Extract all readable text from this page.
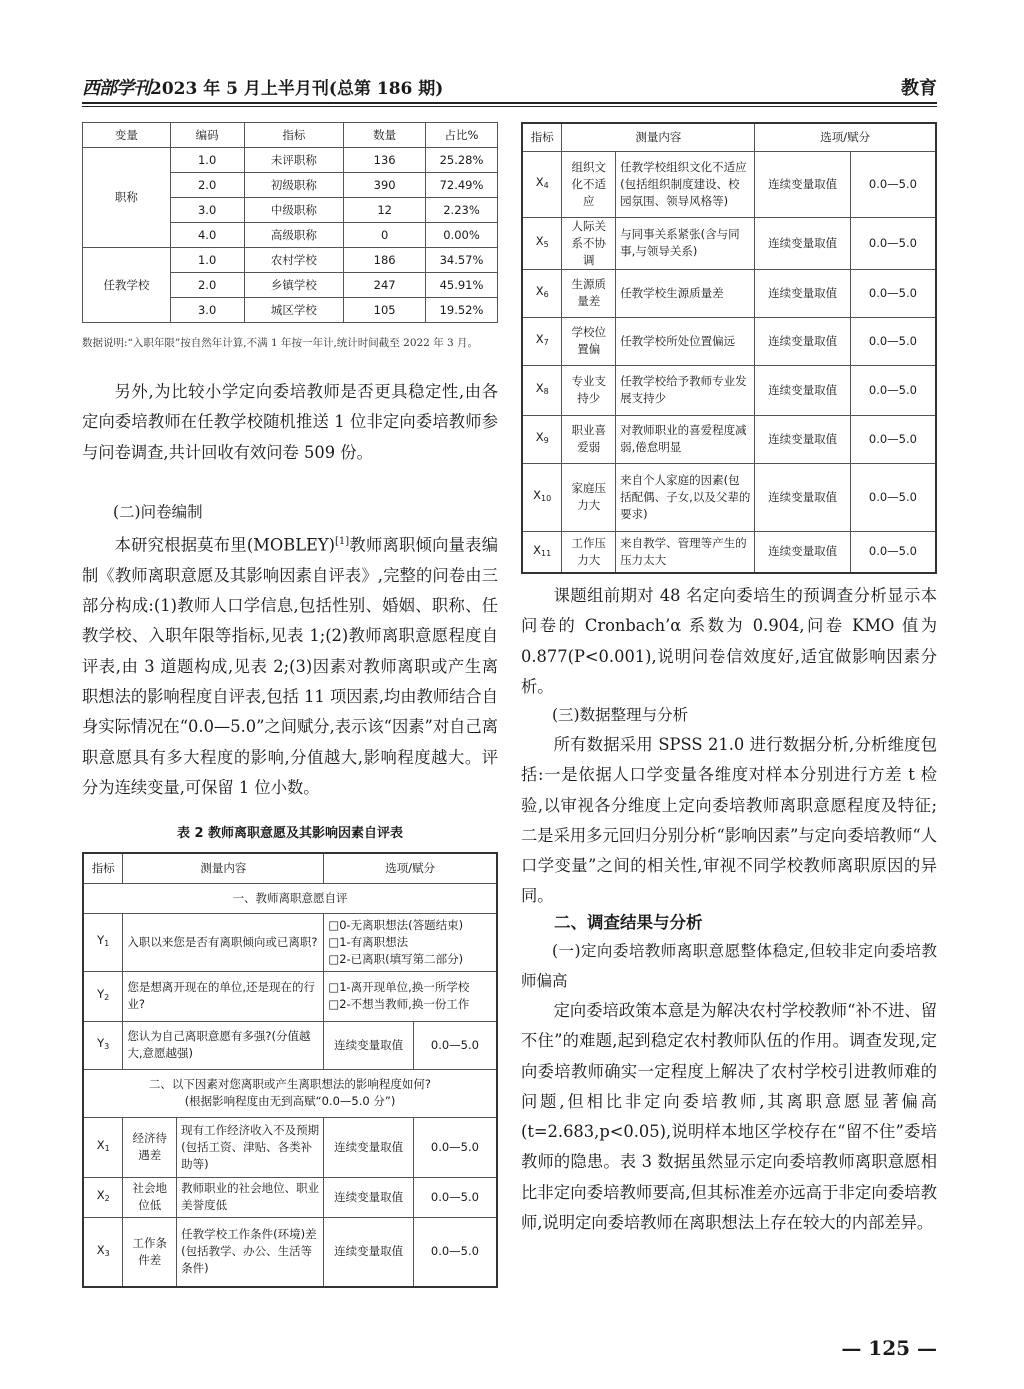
西部学刊2023 年 5 月上半月刊(总第 186 期)	教育
变量	编码	指标	数量	占比%
职称	1.0	未评职称	136	25.28%
	2.0	初级职称	390	72.49%
	3.0	中级职称	12	2.23%
	4.0	高级职称	0	0.00%
任教学校	1.0	农村学校	186	34.57%
	2.0	乡镇学校	247	45.91%
	3.0	城区学校	105	19.52%
数据说明:“入职年限”按自然年计算,不满 1 年按一年计,统计时间截至 2022 年 3 月。

另外,为比较小学定向委培教师是否更具稳定性,由各定向委培教师在任教学校随机推送 1 位非定向委培教师参与问卷调查,共计回收有效问卷 509 份。

(二)问卷编制

本研究根据莫布里(MOBLEY)[1]教师离职倾向量表编制《教师离职意愿及其影响因素自评表》,完整的问卷由三部分构成:(1)教师人口学信息,包括性别、婚姻、职称、任教学校、入职年限等指标,见表 1;(2)教师离职意愿程度自评表,由 3 道题构成,见表 2;(3)因素对教师离职或产生离职想法的影响程度自评表,包括 11 项因素,均由教师结合自身实际情况在“0.0—5.0”之间赋分,表示该“因素”对自己离职意愿具有多大程度的影响,分值越大,影响程度越大。评分为连续变量,可保留 1 位小数。

表 2 教师离职意愿及其影响因素自评表
指标	测量内容		选项/赋分	
一、教师离职意愿自评				
$Y_1$	入职以来您是否有离职倾向或已离职?		□0-无离职想法(答题结束)
□1-有离职想法
□2-已离职(填写第二部分)	

$Y_2$	您是想离开现在的单位,还是现在的行业?		□1-离开现单位,换一所学校
□2-不想当教师,换一份工作	

$Y_3$	您认为自己离职意愿有多强?(分值越大,意愿越强)		连续变量取值	0.0—5.0

二、以下因素对您离职或产生离职想法的影响程度如何?
(根据影响程度由无到高赋“0.0—5.0 分”)				

$X_1$	经济待遇差	现有工作经济收入不及预期(包括工资、津贴、各类补助等)	连续变量取值	0.0—5.0
$X_2$	社会地位低	教师职业的社会地位、职业美誉度低	连续变量取值	0.0—5.0
$X_3$	工作条件差	任教学校工作条件(环境)差(包括教学、办公、生活等条件)	连续变量取值	0.0—5.0
指标	测量内容		选项/赋分	
$X_4$	组织文化不适应	任教学校组织文化不适应(包括组织制度建设、校园氛围、领导风格等)	连续变量取值	0.0—5.0
$X_5$	人际关系不协调	与同事关系紧张(含与同事,与领导关系)	连续变量取值	0.0—5.0
$X_6$	生源质量差	任教学校生源质量差	连续变量取值	0.0—5.0
$X_7$	学校位置偏	任教学校所处位置偏远	连续变量取值	0.0—5.0
$X_8$	专业支持少	任教学校给予教师专业发展支持少	连续变量取值	0.0—5.0
$X_9$	职业喜爱弱	对教师职业的喜爱程度减弱,倦怠明显	连续变量取值	0.0—5.0
$X_{10}$	家庭压力大	来自个人家庭的因素(包括配偶、子女,以及父辈的要求)	连续变量取值	0.0—5.0
$X_{11}$	工作压力大	来自教学、管理等产生的压力太大	连续变量取值	0.0—5.0

课题组前期对 48 名定向委培生的预调查分析显示本问卷的 Cronbach’α 系数为 0.904,问卷 KMO 值为 0.877(P<0.001),说明问卷信效度好,适宜做影响因素分析。

(三)数据整理与分析

所有数据采用 SPSS 21.0 进行数据分析,分析维度包括:一是依据人口学变量各维度对样本分别进行方差 t 检验,以审视各分维度上定向委培教师离职意愿程度及特征;二是采用多元回归分别分析“影响因素”与定向委培教师“人口学变量”之间的相关性,审视不同学校教师离职原因的异同。

二、调查结果与分析

(一)定向委培教师离职意愿整体稳定,但较非定向委培教师偏高

定向委培政策本意是为解决农村学校教师“补不进、留不住”的难题,起到稳定农村教师队伍的作用。调查发现,定向委培教师确实一定程度上解决了农村学校引进教师难的问题,但相比非定向委培教师,其离职意愿显著偏高(t=2.683,p<0.05),说明样本地区学校存在“留不住”委培教师的隐患。表 3 数据虽然显示定向委培教师离职意愿相比非定向委培教师要高,但其标准差亦远高于非定向委培教师,说明定向委培教师在离职想法上存在较大的内部差异。

— 125 —
